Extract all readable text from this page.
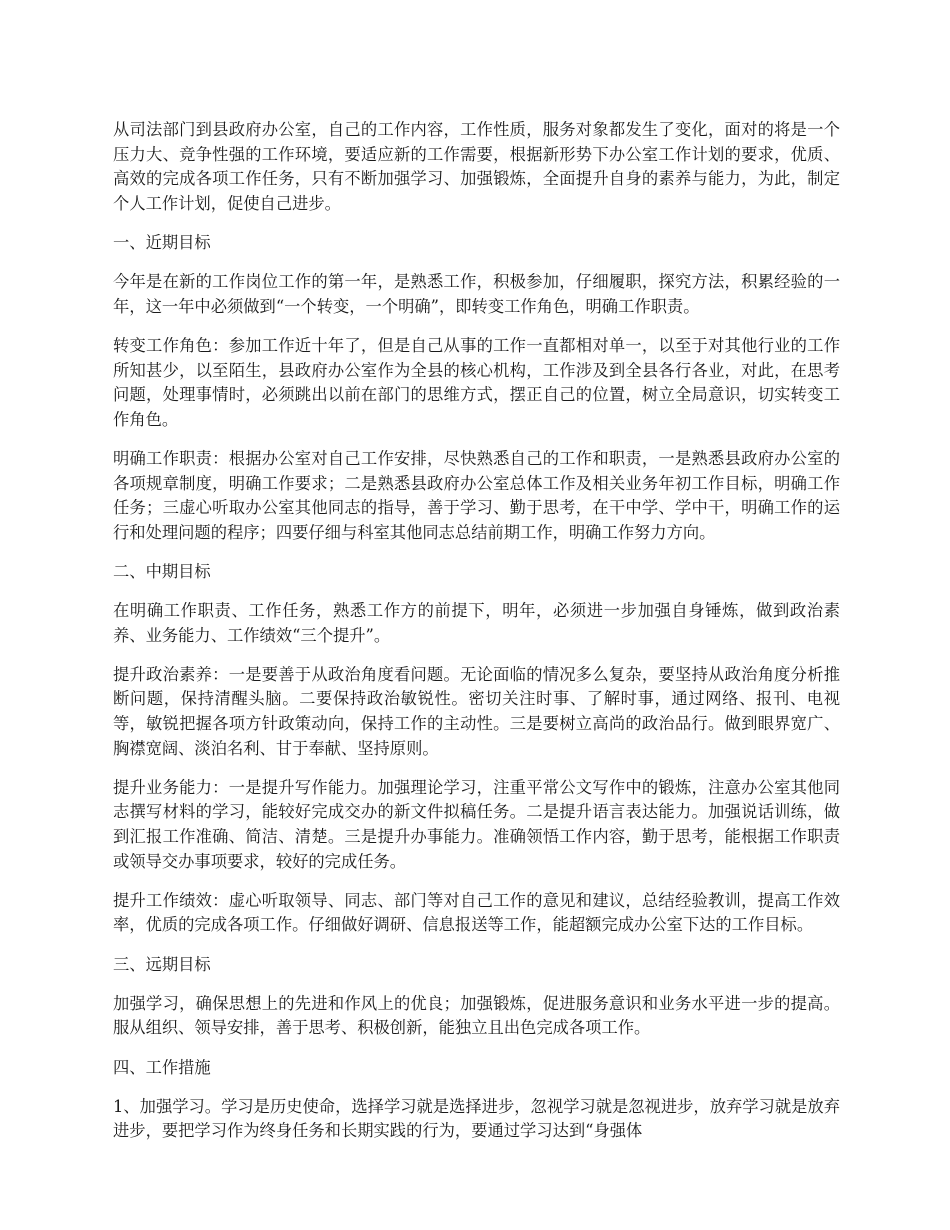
从司法部门到县政府办公室，自己的工作内容，工作性质，服务对象都发生了变化，面对的将是一个压力大、竞争性强的工作环境，要适应新的工作需要，根据新形势下办公室工作计划的要求，优质、高效的完成各项工作任务，只有不断加强学习、加强锻炼，全面提升自身的素养与能力，为此，制定个人工作计划，促使自己进步。

一、近期目标

今年是在新的工作岗位工作的第一年，是熟悉工作，积极参加，仔细履职，探究方法，积累经验的一年，这一年中必须做到“一个转变，一个明确”，即转变工作角色，明确工作职责。

转变工作角色：参加工作近十年了，但是自己从事的工作一直都相对单一，以至于对其他行业的工作所知甚少，以至陌生，县政府办公室作为全县的核心机构，工作涉及到全县各行各业，对此，在思考问题，处理事情时，必须跳出以前在部门的思维方式，摆正自己的位置，树立全局意识，切实转变工作角色。

明确工作职责：根据办公室对自己工作安排，尽快熟悉自己的工作和职责，一是熟悉县政府办公室的各项规章制度，明确工作要求；二是熟悉县政府办公室总体工作及相关业务年初工作目标，明确工作任务；三虚心听取办公室其他同志的指导，善于学习、勤于思考，在干中学、学中干，明确工作的运行和处理问题的程序；四要仔细与科室其他同志总结前期工作，明确工作努力方向。

二、中期目标

在明确工作职责、工作任务，熟悉工作方的前提下，明年，必须进一步加强自身锤炼，做到政治素养、业务能力、工作绩效“三个提升”。

提升政治素养：一是要善于从政治角度看问题。无论面临的情况多么复杂，要坚持从政治角度分析推断问题，保持清醒头脑。二要保持政治敏锐性。密切关注时事、了解时事，通过网络、报刊、电视等，敏锐把握各项方针政策动向，保持工作的主动性。三是要树立高尚的政治品行。做到眼界宽广、胸襟宽阔、淡泊名利、甘于奉献、坚持原则。

提升业务能力：一是提升写作能力。加强理论学习，注重平常公文写作中的锻炼，注意办公室其他同志撰写材料的学习，能较好完成交办的新文件拟稿任务。二是提升语言表达能力。加强说话训练，做到汇报工作准确、简洁、清楚。三是提升办事能力。准确领悟工作内容，勤于思考，能根据工作职责或领导交办事项要求，较好的完成任务。

提升工作绩效：虚心听取领导、同志、部门等对自己工作的意见和建议，总结经验教训，提高工作效率，优质的完成各项工作。仔细做好调研、信息报送等工作，能超额完成办公室下达的工作目标。

三、远期目标

加强学习，确保思想上的先进和作风上的优良；加强锻炼，促进服务意识和业务水平进一步的提高。服从组织、领导安排，善于思考、积极创新，能独立且出色完成各项工作。

四、工作措施

1、加强学习。学习是历史使命，选择学习就是选择进步，忽视学习就是忽视进步，放弃学习就是放弃进步，要把学习作为终身任务和长期实践的行为，要通过学习达到“身强体
